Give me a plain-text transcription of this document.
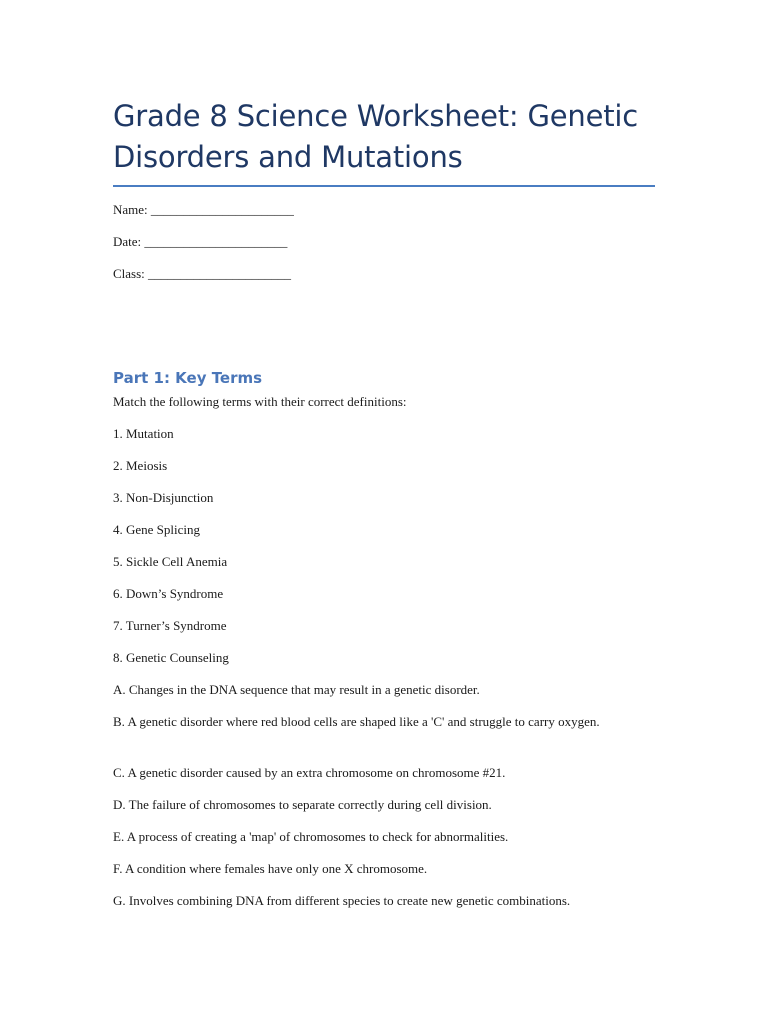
Grade 8 Science Worksheet: Genetic Disorders and Mutations

Name: ______________________

Date: ______________________

Class: ______________________

Part 1: Key Terms

Match the following terms with their correct definitions:

1. Mutation

2. Meiosis

3. Non-Disjunction

4. Gene Splicing

5. Sickle Cell Anemia

6. Down’s Syndrome

7. Turner’s Syndrome

8. Genetic Counseling

A. Changes in the DNA sequence that may result in a genetic disorder.

B. A genetic disorder where red blood cells are shaped like a 'C' and struggle to carry oxygen.

C. A genetic disorder caused by an extra chromosome on chromosome #21.

D. The failure of chromosomes to separate correctly during cell division.

E. A process of creating a 'map' of chromosomes to check for abnormalities.

F. A condition where females have only one X chromosome.

G. Involves combining DNA from different species to create new genetic combinations.
